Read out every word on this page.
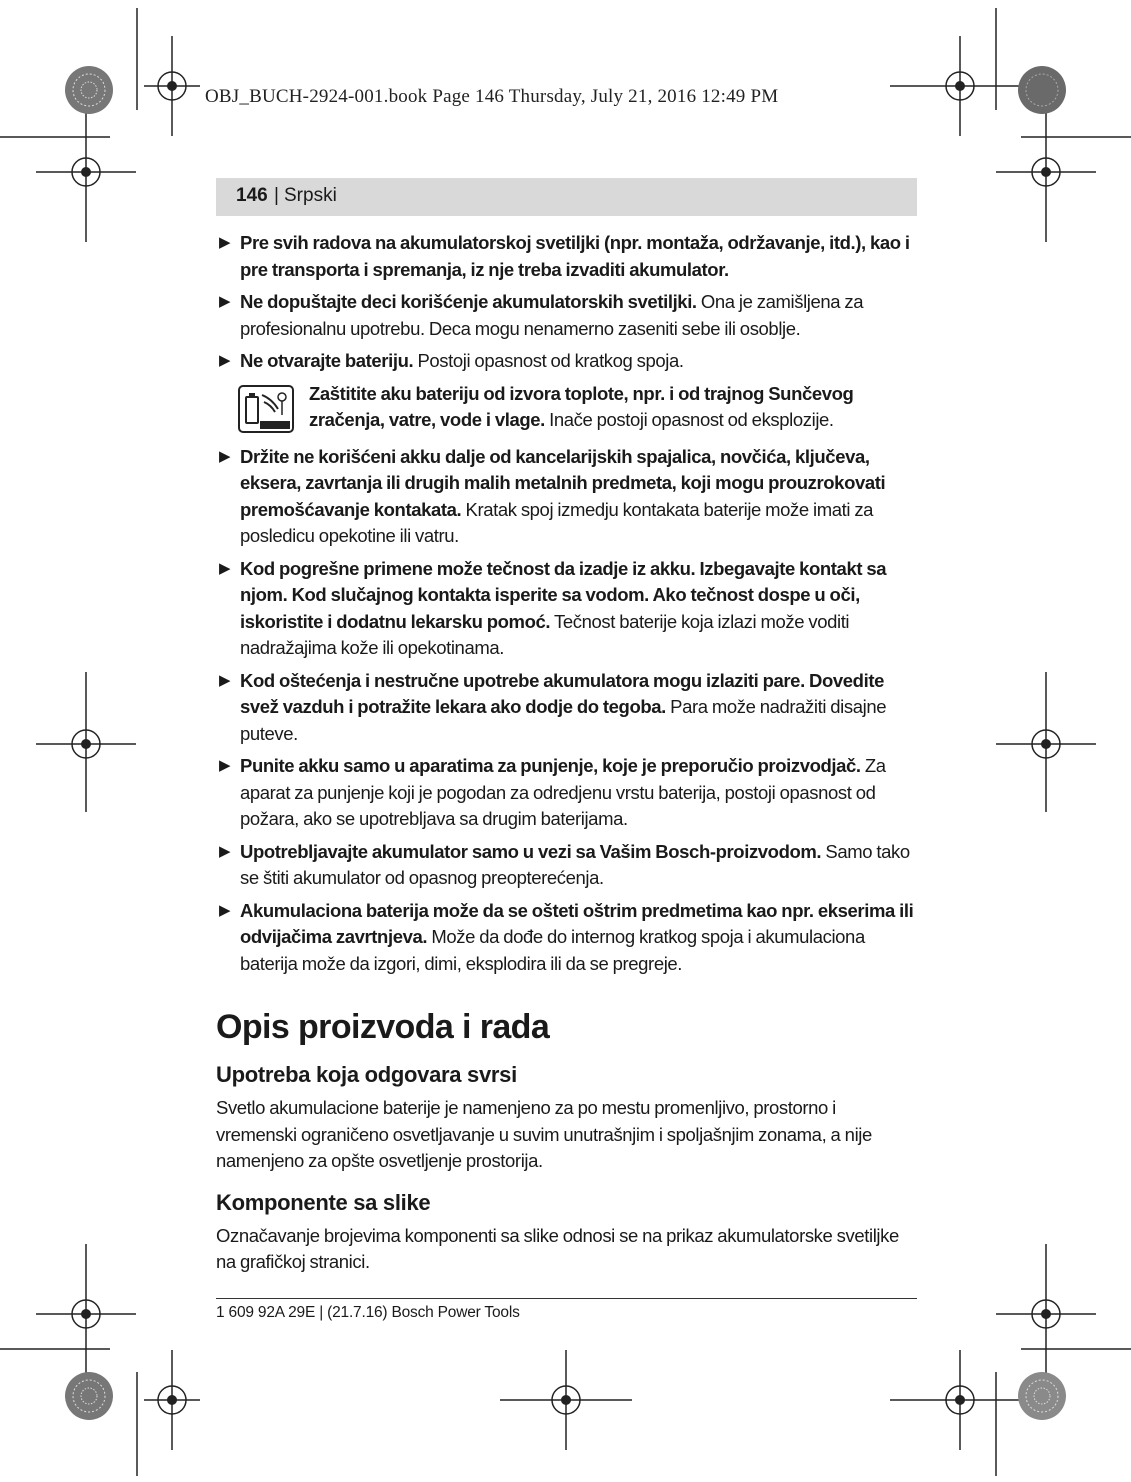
OBJ_BUCH-2924-001.book Page 146 Thursday, July 21, 2016 12:49 PM
146 | Srpski
▶ Pre svih radova na akumulatorskoj svetiljki (npr. montaža, održavanje, itd.), kao i pre transporta i spremanja, iz nje treba izvaditi akumulator.
▶ Ne dopuštajte deci korišćenje akumulatorskih svetiljki. Ona je zamišljena za profesionalnu upotrebu. Deca mogu nenamerno zaseniti sebe ili osoblje.
▶ Ne otvarajte bateriju. Postoji opasnost od kratkog spoja.
Zaštitite aku bateriju od izvora toplote, npr. i od trajnog Sunčevog zračenja, vatre, vode i vlage. Inače postoji opasnost od eksplozije.
▶ Držite ne korišćeni akku dalje od kancelarijskih spajalica, novčića, ključeva, eksera, zavrtanja ili drugih malih metalnih predmeta, koji mogu prouzrokovati premošćavanje kontakata. Kratak spoj izmedju kontakata baterije može imati za posledicu opekotine ili vatru.
▶ Kod pogrešne primene može tečnost da izadje iz akku. Izbegavajte kontakt sa njom. Kod slučajnog kontakta isperite sa vodom. Ako tečnost dospe u oči, iskoristite i dodatnu lekarsku pomoć. Tečnost baterije koja izlazi može voditi nadražajima kože ili opekotinama.
▶ Kod oštećenja i nestručne upotrebe akumulatora mogu izlaziti pare. Dovedite svež vazduh i potražite lekara ako dodje do tegoba. Para može nadražiti disajne puteve.
▶ Punite akku samo u aparatima za punjenje, koje je preporučio proizvodjač. Za aparat za punjenje koji je pogodan za odredjenu vrstu baterija, postoji opasnost od požara, ako se upotrebljava sa drugim baterijama.
▶ Upotrebljavajte akumulator samo u vezi sa Vašim Bosch-proizvodom. Samo tako se štiti akumulator od opasnog preopterećenja.
▶ Akumulaciona baterija može da se ošteti oštrim predmetima kao npr. ekserima ili odvijačima zavrtnjeva. Može da dođe do internog kratkog spoja i akumulaciona baterija može da izgori, dimi, eksplodira ili da se pregreje.
Opis proizvoda i rada
Upotreba koja odgovara svrsi

Svetlo akumulacione baterije je namenjeno za po mestu promenljivo, prostorno i vremenski ograničeno osvetljavanje u suvim unutrašnjim i spoljašnjim zonama, a nije namenjeno za opšte osvetljenje prostorija.

Komponente sa slike

Označavanje brojevima komponenti sa slike odnosi se na prikaz akumulatorske svetiljke na grafičkoj stranici.

1 609 92A 29E | (21.7.16) Bosch Power Tools
